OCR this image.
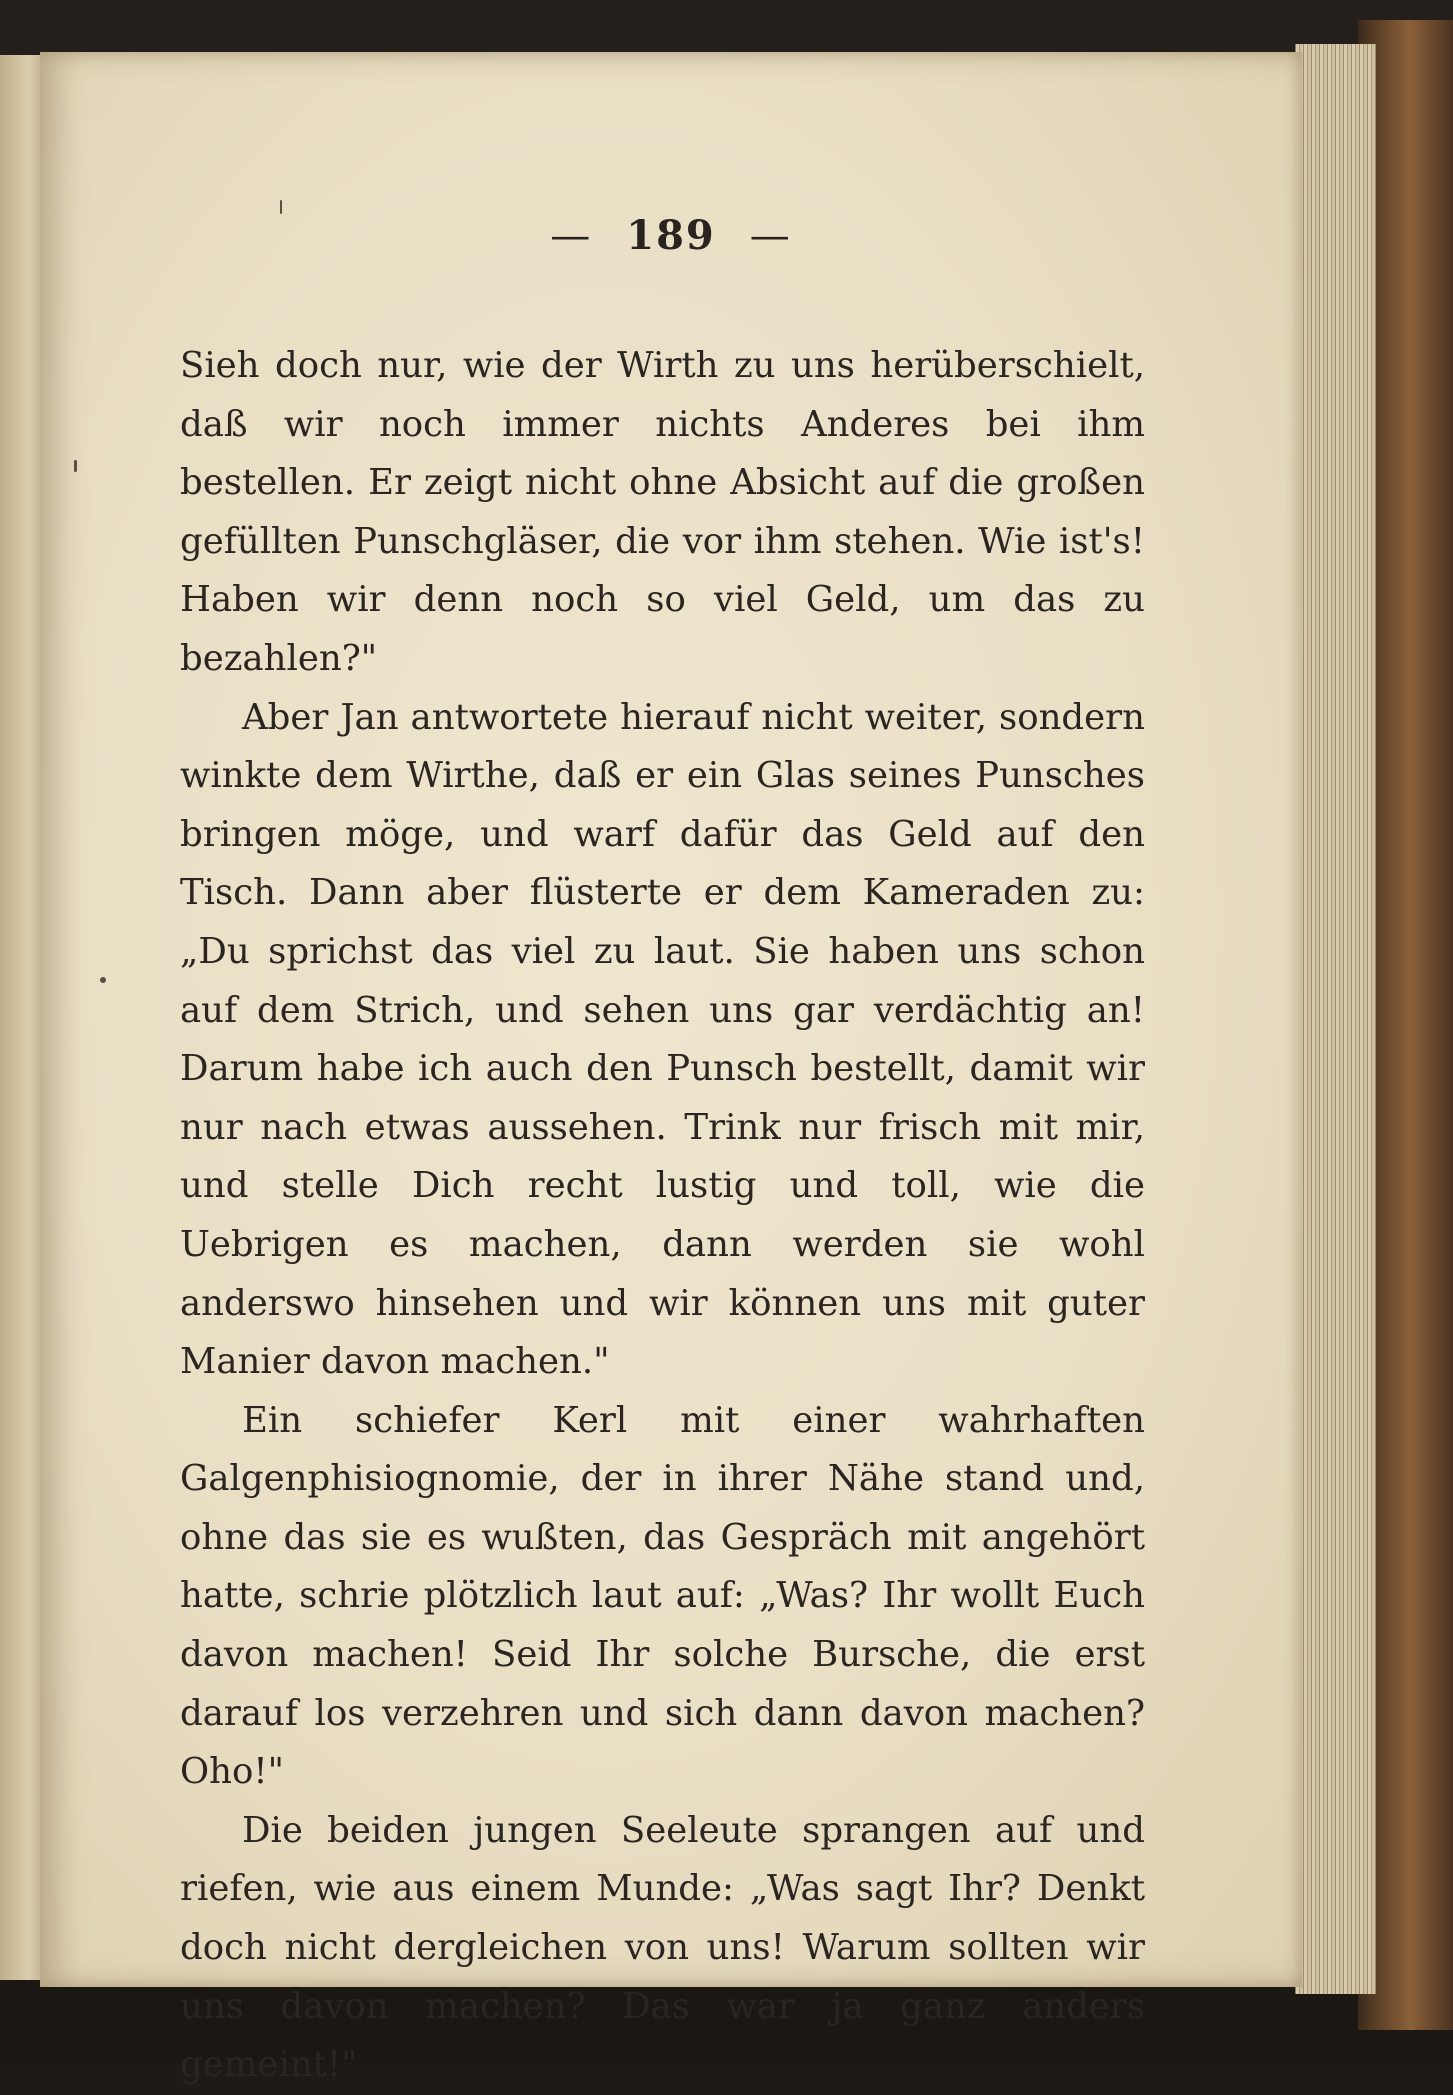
— 189 —

Sieh doch nur, wie der Wirth zu uns herüberschielt, daß wir noch immer nichts Anderes bei ihm bestellen. Er zeigt nicht ohne Absicht auf die großen gefüllten Punschgläser, die vor ihm stehen. Wie ist's! Haben wir denn noch so viel Geld, um das zu bezahlen?"

Aber Jan antwortete hierauf nicht weiter, sondern winkte dem Wirthe, daß er ein Glas seines Punsches bringen möge, und warf dafür das Geld auf den Tisch. Dann aber flüsterte er dem Kameraden zu: „Du sprichst das viel zu laut. Sie haben uns schon auf dem Strich, und sehen uns gar verdächtig an! Darum habe ich auch den Punsch bestellt, damit wir nur nach etwas aussehen. Trink nur frisch mit mir, und stelle Dich recht lustig und toll, wie die Uebrigen es machen, dann werden sie wohl anderswo hinsehen und wir können uns mit guter Manier davon machen."

Ein schiefer Kerl mit einer wahrhaften Galgenphisiognomie, der in ihrer Nähe stand und, ohne das sie es wußten, das Gespräch mit angehört hatte, schrie plötzlich laut auf: „Was? Ihr wollt Euch davon machen! Seid Ihr solche Bursche, die erst darauf los verzehren und sich dann davon machen? Oho!"

Die beiden jungen Seeleute sprangen auf und riefen, wie aus einem Munde: „Was sagt Ihr? Denkt doch nicht dergleichen von uns! Warum sollten wir uns davon machen? Das war ja ganz anders gemeint!"
